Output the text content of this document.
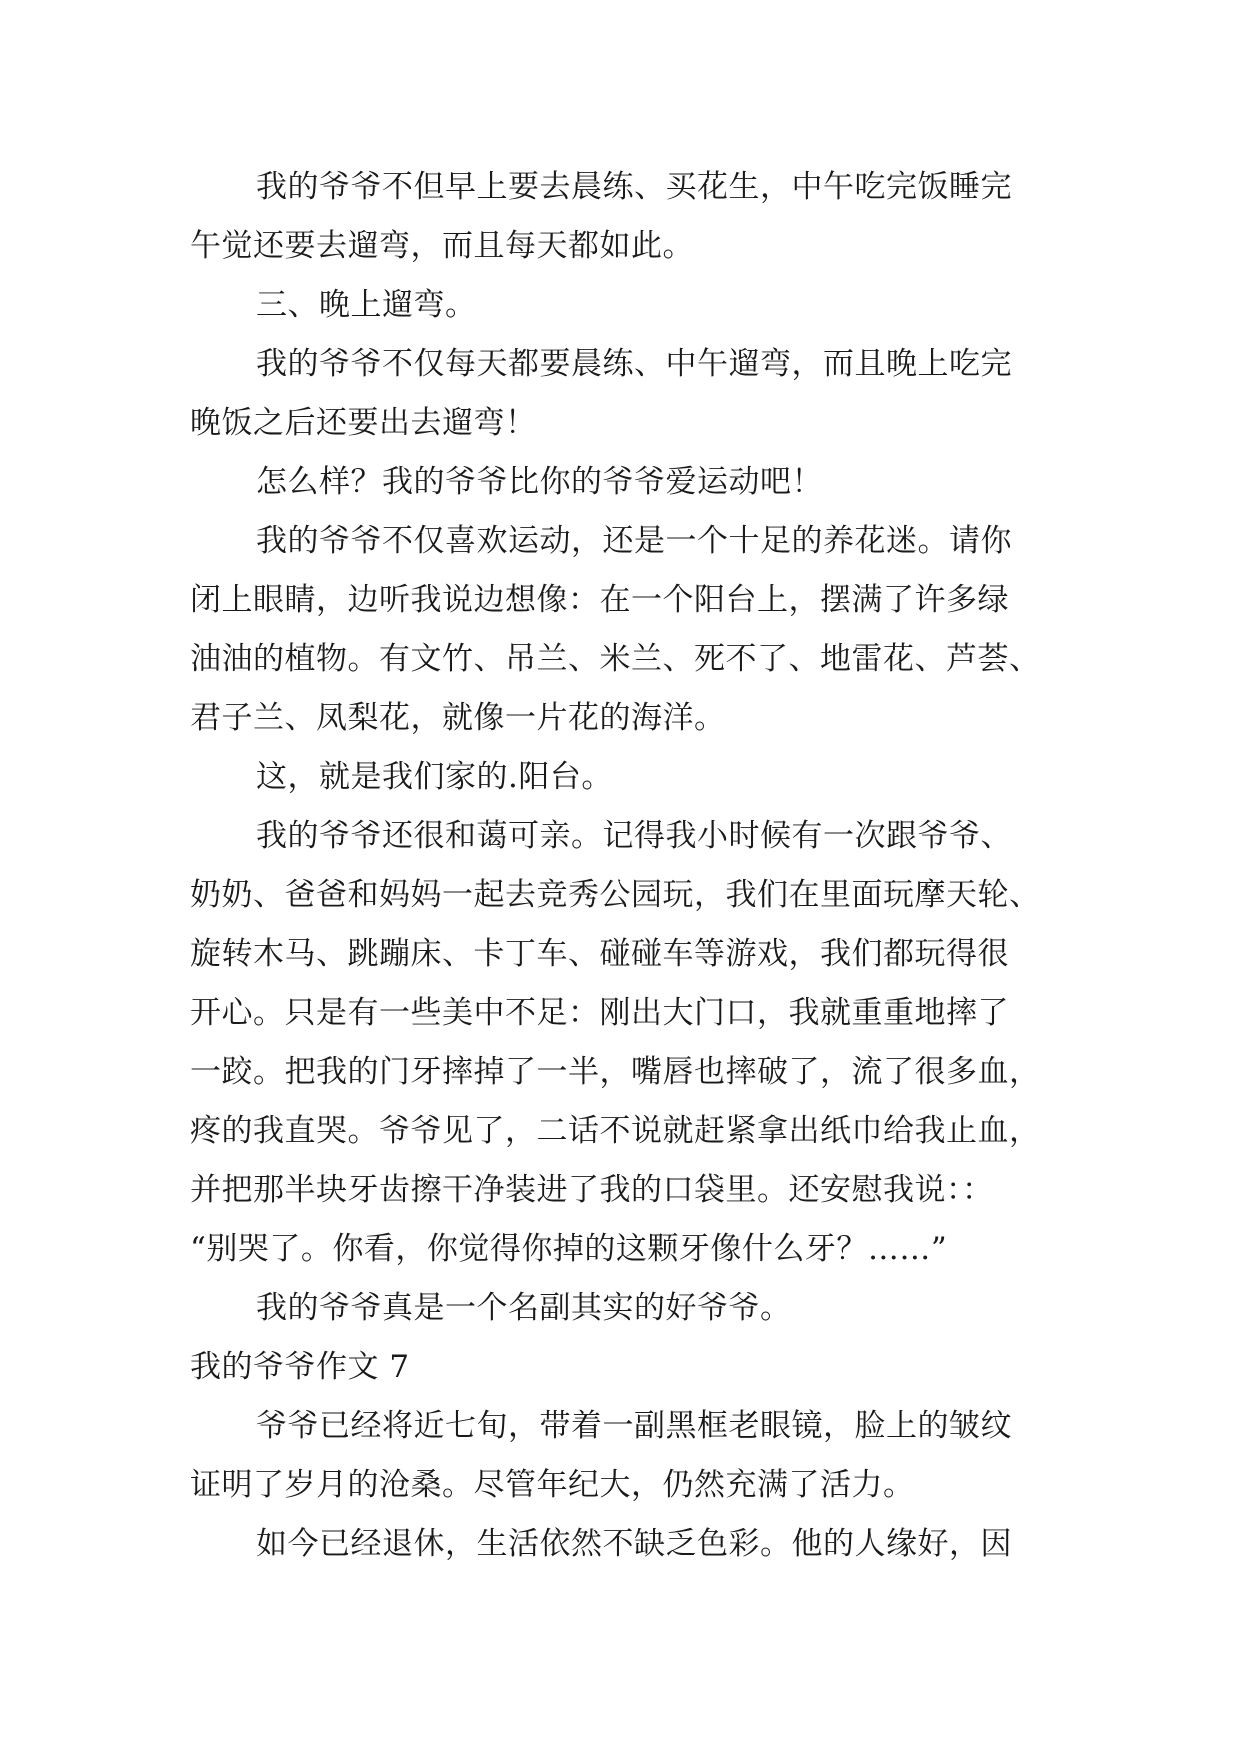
我的爷爷不但早上要去晨练、买花生，中午吃完饭睡完
午觉还要去遛弯，而且每天都如此。
三、晚上遛弯。
我的爷爷不仅每天都要晨练、中午遛弯，而且晚上吃完
晚饭之后还要出去遛弯！
怎么样？我的爷爷比你的爷爷爱运动吧！
我的爷爷不仅喜欢运动，还是一个十足的养花迷。请你
闭上眼睛，边听我说边想像：在一个阳台上，摆满了许多绿
油油的植物。有文竹、吊兰、米兰、死不了、地雷花、芦荟、
君子兰、凤梨花，就像一片花的海洋。
这，就是我们家的.阳台。
我的爷爷还很和蔼可亲。记得我小时候有一次跟爷爷、
奶奶、爸爸和妈妈一起去竞秀公园玩，我们在里面玩摩天轮、
旋转木马、跳蹦床、卡丁车、碰碰车等游戏，我们都玩得很
开心。只是有一些美中不足：刚出大门口，我就重重地摔了
一跤。把我的门牙摔掉了一半，嘴唇也摔破了，流了很多血，
疼的我直哭。爷爷见了，二话不说就赶紧拿出纸巾给我止血，
并把那半块牙齿擦干净装进了我的口袋里。还安慰我说：：
“别哭了。你看，你觉得你掉的这颗牙像什么牙？……”
我的爷爷真是一个名副其实的好爷爷。
我的爷爷作文 7
爷爷已经将近七旬，带着一副黑框老眼镜，脸上的皱纹
证明了岁月的沧桑。尽管年纪大，仍然充满了活力。
如今已经退休，生活依然不缺乏色彩。他的人缘好，因
